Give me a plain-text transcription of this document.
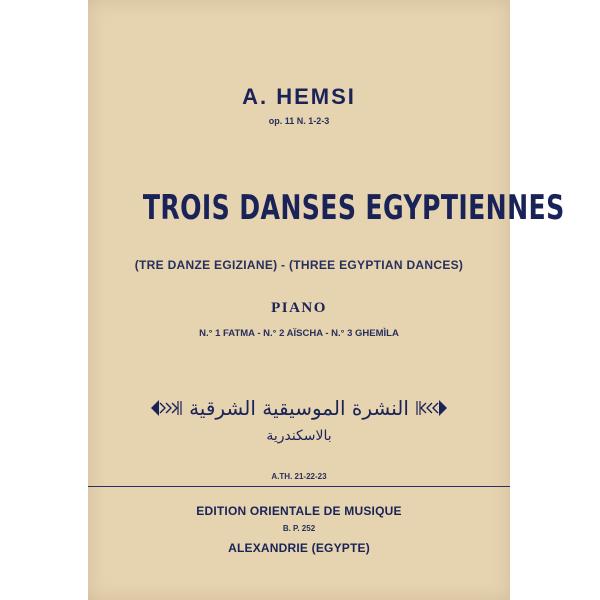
A. HEMSI

op. 11 N. 1-2-3

TROIS DANSES EGYPTIENNES

(TRE DANZE EGIZIANE) - (THREE EGYPTIAN DANCES)

PIANO

N.° 1 FATMA - N.° 2 AÏSCHA - N.° 3 GHEMÌLA

النشرة الموسيقية الشرقية

بالاسكندرية

A.TH. 21-22-23

EDITION ORIENTALE DE MUSIQUE

B. P. 252

ALEXANDRIE (EGYPTE)
